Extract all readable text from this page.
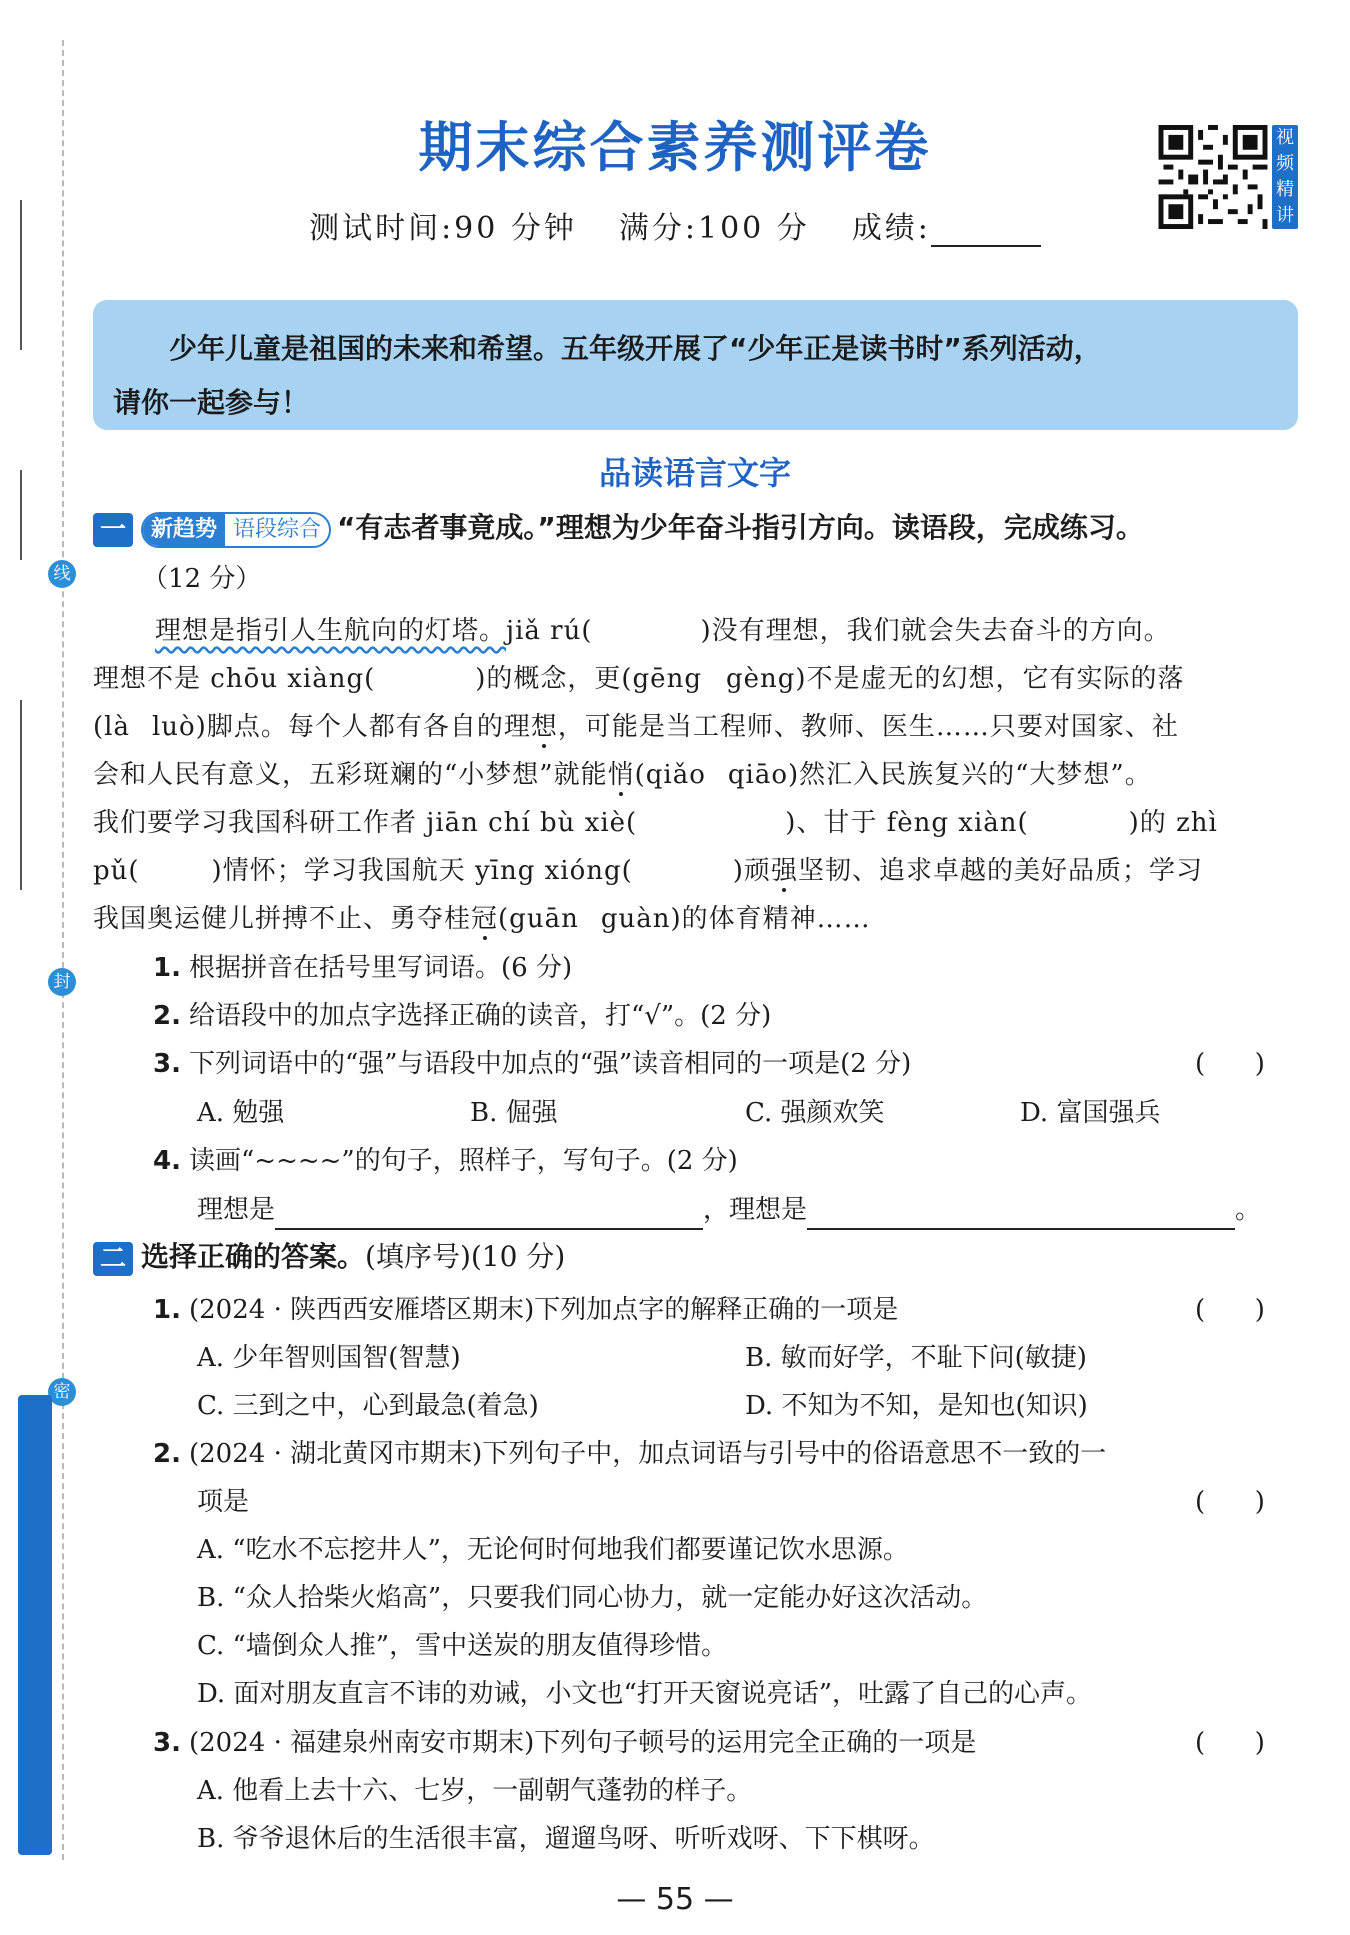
线
封
密
期末综合素养测评卷	视频精讲
测试时间:90 分钟 满分:100 分 成绩:
少年儿童是祖国的未来和希望。五年级开展了“少年正是读书时”系列活动，
请你一起参与！
品读语言文字
一 新趋势 语段综合 “有志者事竟成。”理想为少年奋斗指引方向。读语段，完成练习。
（12 分）
理想是指引人生航向的灯塔。jiǎ rú(	)没有理想，我们就会失去奋斗的方向。
理想不是 chōu xiàng(	)的概念，更(gēng gèng)不是虚无的幻想，它有实际的落
(là luò)脚点。每个人都有各自的理想，可能是当工程师、教师、医生……只要对国家、社
会和人民有意义，五彩斑斓的“小梦想”就能悄(qiǎo qiāo)然汇入民族复兴的“大梦想”。
我们要学习我国科研工作者 jiān chí bù xiè(	)、甘于 fèng xiàn(	)的 zhì
pǔ(	)情怀；学习我国航天 yīng xióng(	)顽强坚韧、追求卓越的美好品质；学习
我国奥运健儿拼搏不止、勇夺桂冠(guān guàn)的体育精神……
1. 根据拼音在括号里写词语。(6 分)
2. 给语段中的加点字选择正确的读音，打“√”。(2 分)
3. 下列词语中的“强”与语段中加点的“强”读音相同的一项是(2 分)	(      )
A. 勉强	B. 倔强	C. 强颜欢笑	D. 富国强兵
4. 读画“~~~~”的句子，照样子，写句子。(2 分)
理想是	，理想是	。
二 选择正确的答案。(填序号)(10 分)
1. (2024 · 陕西西安雁塔区期末)下列加点字的解释正确的一项是	(      )
A. 少年智则国智(智慧)	B. 敏而好学，不耻下问(敏捷)
C. 三到之中，心到最急(着急)	D. 不知为不知，是知也(知识)
2. (2024 · 湖北黄冈市期末)下列句子中，加点词语与引号中的俗语意思不一致的一
项是	(      )
A. “吃水不忘挖井人”，无论何时何地我们都要谨记饮水思源。
B. “众人拾柴火焰高”，只要我们同心协力，就一定能办好这次活动。
C. “墙倒众人推”，雪中送炭的朋友值得珍惜。
D. 面对朋友直言不讳的劝诫，小文也“打开天窗说亮话”，吐露了自己的心声。
3. (2024 · 福建泉州南安市期末)下列句子顿号的运用完全正确的一项是	(      )
A. 他看上去十六、七岁，一副朝气蓬勃的样子。
B. 爷爷退休后的生活很丰富，遛遛鸟呀、听听戏呀、下下棋呀。
— 55 —
